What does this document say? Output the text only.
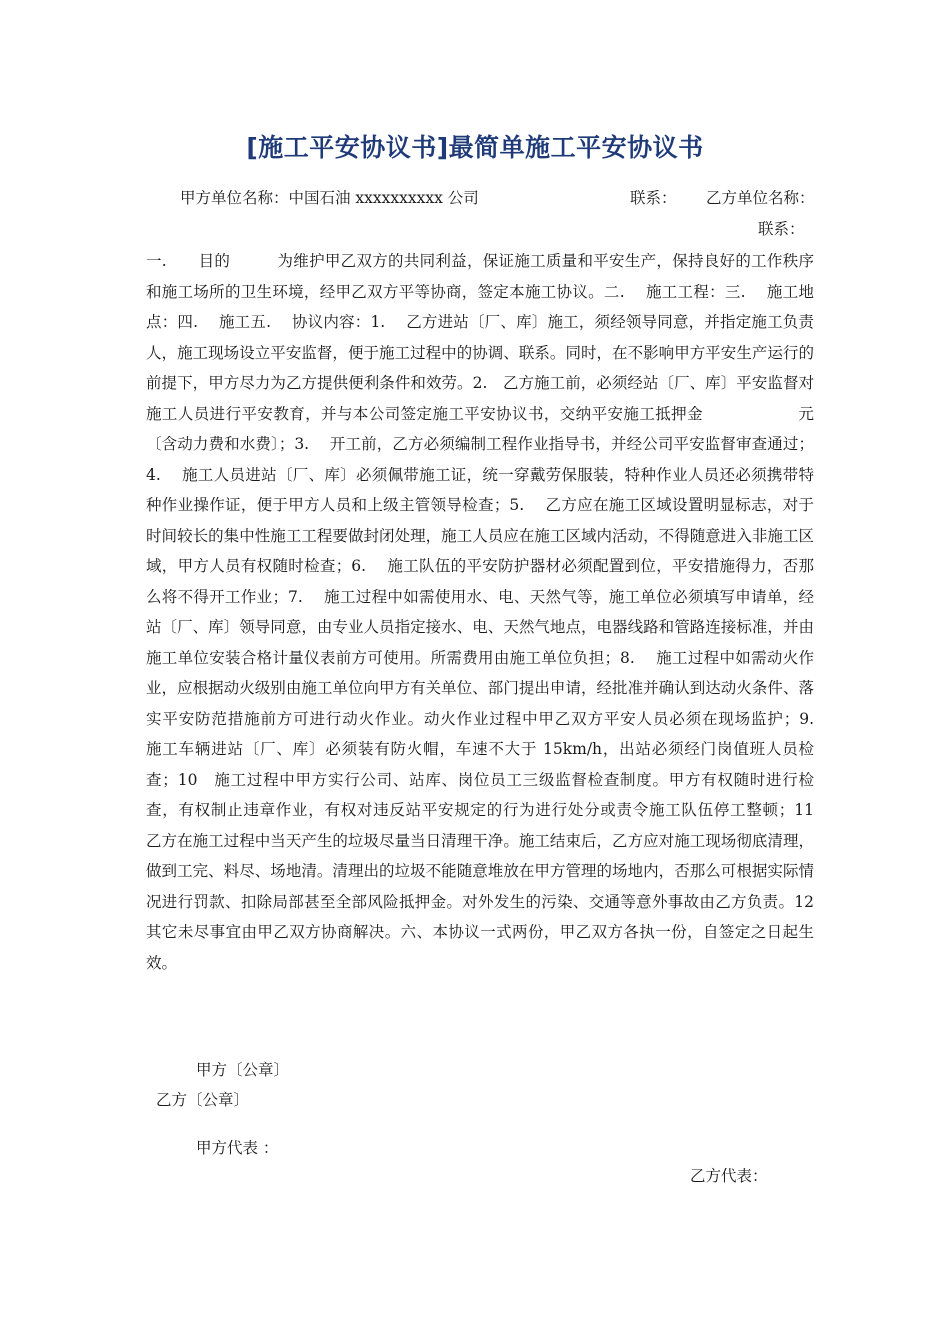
[施工平安协议书]最简单施工平安协议书
甲方单位名称：中国石油 xxxxxxxxxx 公司	联系： 乙方单位名称：
联系：

一.　　目的　　　为维护甲乙双方的共同利益，保证施工质量和平安生产，保持良好的工作秩序和施工场所的卫生环境，经甲乙双方平等协商，签定本施工协议。二.　 施工工程：三.　 施工地点：四.　 施工五.　 协议内容：1.　 乙方进站〔厂、库〕施工，须经领导同意，并指定施工负责人，施工现场设立平安监督，便于施工过程中的协调、联系。同时，在不影响甲方平安生产运行的前提下，甲方尽力为乙方提供便利条件和效劳。2.　乙方施工前，必须经站〔厂、库〕平安监督对施工人员进行平安教育，并与本公司签定施工平安协议书，交纳平安施工抵押金　　　　　　元〔含动力费和水费〕；3.　 开工前，乙方必须编制工程作业指导书，并经公司平安监督审查通过；4.　 施工人员进站〔厂、库〕必须佩带施工证，统一穿戴劳保服装，特种作业人员还必须携带特种作业操作证，便于甲方人员和上级主管领导检查；5.　 乙方应在施工区域设置明显标志，对于时间较长的集中性施工工程要做封闭处理，施工人员应在施工区域内活动，不得随意进入非施工区域，甲方人员有权随时检查；6.　 施工队伍的平安防护器材必须配置到位，平安措施得力，否那么将不得开工作业；7.　 施工过程中如需使用水、电、天然气等，施工单位必须填写申请单，经站〔厂、库〕领导同意，由专业人员指定接水、电、天然气地点，电器线路和管路连接标准，并由施工单位安装合格计量仪表前方可使用。所需费用由施工单位负担；8.　 施工过程中如需动火作业，应根据动火级别由施工单位向甲方有关单位、部门提出申请，经批准并确认到达动火条件、落实平安防范措施前方可进行动火作业。动火作业过程中甲乙双方平安人员必须在现场监护；9.　 施工车辆进站〔厂、库〕必须装有防火帽，车速不大于 15km/h，出站必须经门岗值班人员检查；10　施工过程中甲方实行公司、站库、岗位员工三级监督检查制度。甲方有权随时进行检查，有权制止违章作业，有权对违反站平安规定的行为进行处分或责令施工队伍停工整顿；11　乙方在施工过程中当天产生的垃圾尽量当日清理干净。施工结束后，乙方应对施工现场彻底清理，做到工完、料尽、场地清。清理出的垃圾不能随意堆放在甲方管理的场地内，否那么可根据实际情况进行罚款、扣除局部甚至全部风险抵押金。对外发生的污染、交通等意外事故由乙方负责。12其它未尽事宜由甲乙双方协商解决。六、本协议一式两份，甲乙双方各执一份，自签定之日起生效。

甲方〔公章〕
乙方〔公章〕
甲方代表 ：
乙方代表：
